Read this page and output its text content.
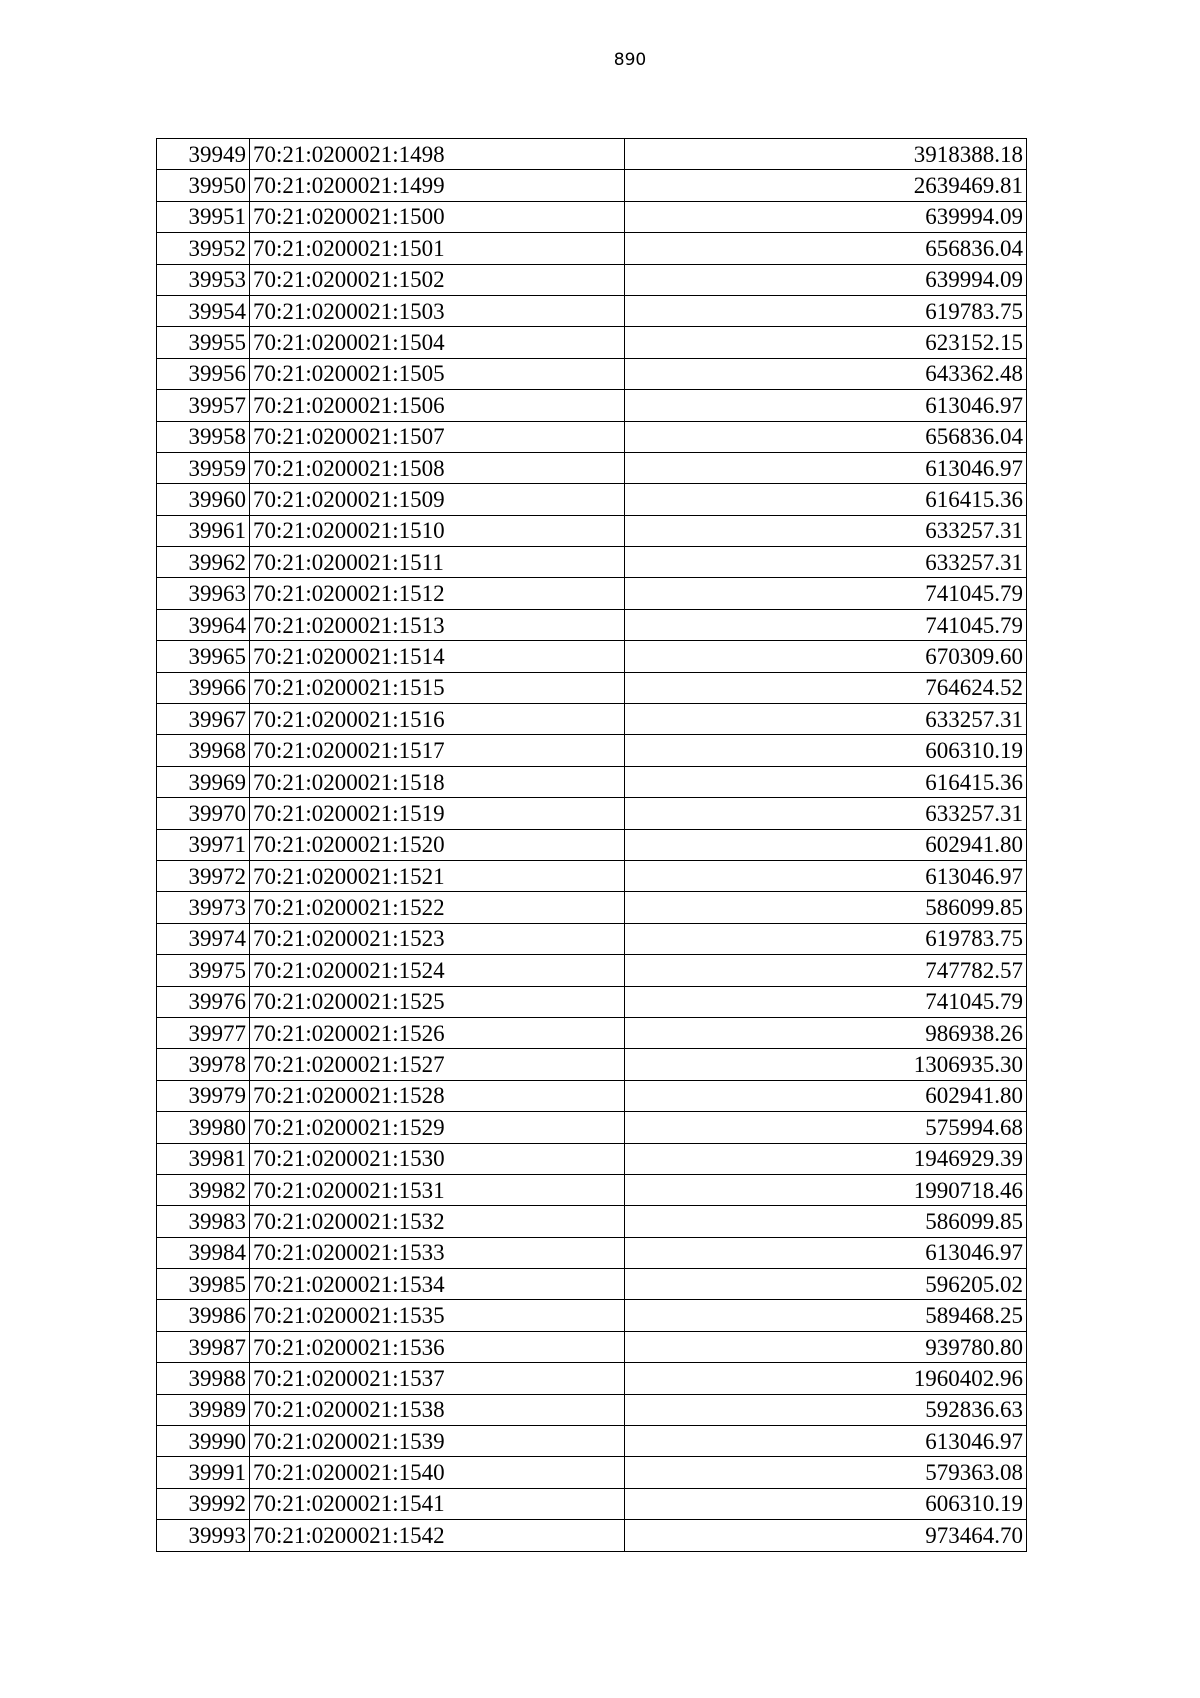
890
39949	70:21:0200021:1498	3918388.18
39950	70:21:0200021:1499	2639469.81
39951	70:21:0200021:1500	639994.09
39952	70:21:0200021:1501	656836.04
39953	70:21:0200021:1502	639994.09
39954	70:21:0200021:1503	619783.75
39955	70:21:0200021:1504	623152.15
39956	70:21:0200021:1505	643362.48
39957	70:21:0200021:1506	613046.97
39958	70:21:0200021:1507	656836.04
39959	70:21:0200021:1508	613046.97
39960	70:21:0200021:1509	616415.36
39961	70:21:0200021:1510	633257.31
39962	70:21:0200021:1511	633257.31
39963	70:21:0200021:1512	741045.79
39964	70:21:0200021:1513	741045.79
39965	70:21:0200021:1514	670309.60
39966	70:21:0200021:1515	764624.52
39967	70:21:0200021:1516	633257.31
39968	70:21:0200021:1517	606310.19
39969	70:21:0200021:1518	616415.36
39970	70:21:0200021:1519	633257.31
39971	70:21:0200021:1520	602941.80
39972	70:21:0200021:1521	613046.97
39973	70:21:0200021:1522	586099.85
39974	70:21:0200021:1523	619783.75
39975	70:21:0200021:1524	747782.57
39976	70:21:0200021:1525	741045.79
39977	70:21:0200021:1526	986938.26
39978	70:21:0200021:1527	1306935.30
39979	70:21:0200021:1528	602941.80
39980	70:21:0200021:1529	575994.68
39981	70:21:0200021:1530	1946929.39
39982	70:21:0200021:1531	1990718.46
39983	70:21:0200021:1532	586099.85
39984	70:21:0200021:1533	613046.97
39985	70:21:0200021:1534	596205.02
39986	70:21:0200021:1535	589468.25
39987	70:21:0200021:1536	939780.80
39988	70:21:0200021:1537	1960402.96
39989	70:21:0200021:1538	592836.63
39990	70:21:0200021:1539	613046.97
39991	70:21:0200021:1540	579363.08
39992	70:21:0200021:1541	606310.19
39993	70:21:0200021:1542	973464.70
